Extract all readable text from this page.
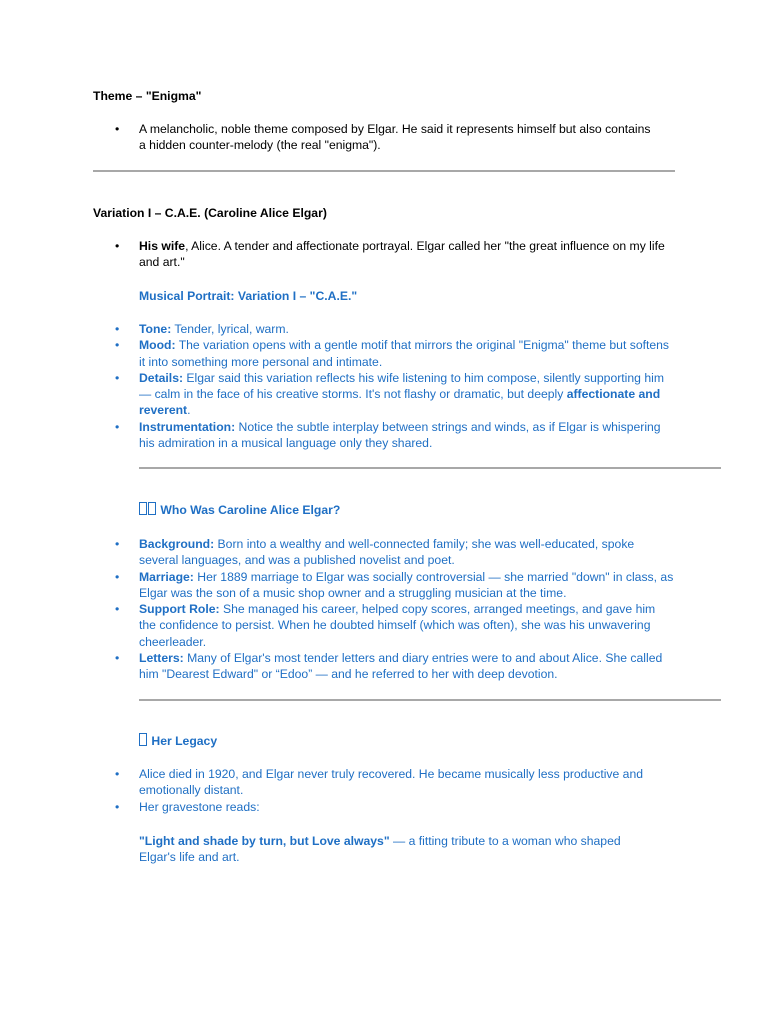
Theme – "Enigma"
• A melancholic, noble theme composed by Elgar. He said it represents himself but also contains a hidden counter-melody (the real "enigma").
Variation I – C.A.E. (Caroline Alice Elgar)
• His wife, Alice. A tender and affectionate portrayal. Elgar called her "the great influence on my life and art."
Musical Portrait: Variation I – "C.A.E."
• Tone: Tender, lyrical, warm.
• Mood: The variation opens with a gentle motif that mirrors the original "Enigma" theme but softens it into something more personal and intimate.
• Details: Elgar said this variation reflects his wife listening to him compose, silently supporting him — calm in the face of his creative storms. It's not flashy or dramatic, but deeply affectionate and reverent.
• Instrumentation: Notice the subtle interplay between strings and winds, as if Elgar is whispering his admiration in a musical language only they shared.
Who Was Caroline Alice Elgar?
• Background: Born into a wealthy and well-connected family; she was well-educated, spoke several languages, and was a published novelist and poet.
• Marriage: Her 1889 marriage to Elgar was socially controversial — she married "down" in class, as Elgar was the son of a music shop owner and a struggling musician at the time.
• Support Role: She managed his career, helped copy scores, arranged meetings, and gave him the confidence to persist. When he doubted himself (which was often), she was his unwavering cheerleader.
• Letters: Many of Elgar's most tender letters and diary entries were to and about Alice. She called him "Dearest Edward" or “Edoo” — and he referred to her with deep devotion.
Her Legacy
• Alice died in 1920, and Elgar never truly recovered. He became musically less productive and emotionally distant.
• Her gravestone reads:
"Light and shade by turn, but Love always" — a fitting tribute to a woman who shaped Elgar's life and art.
